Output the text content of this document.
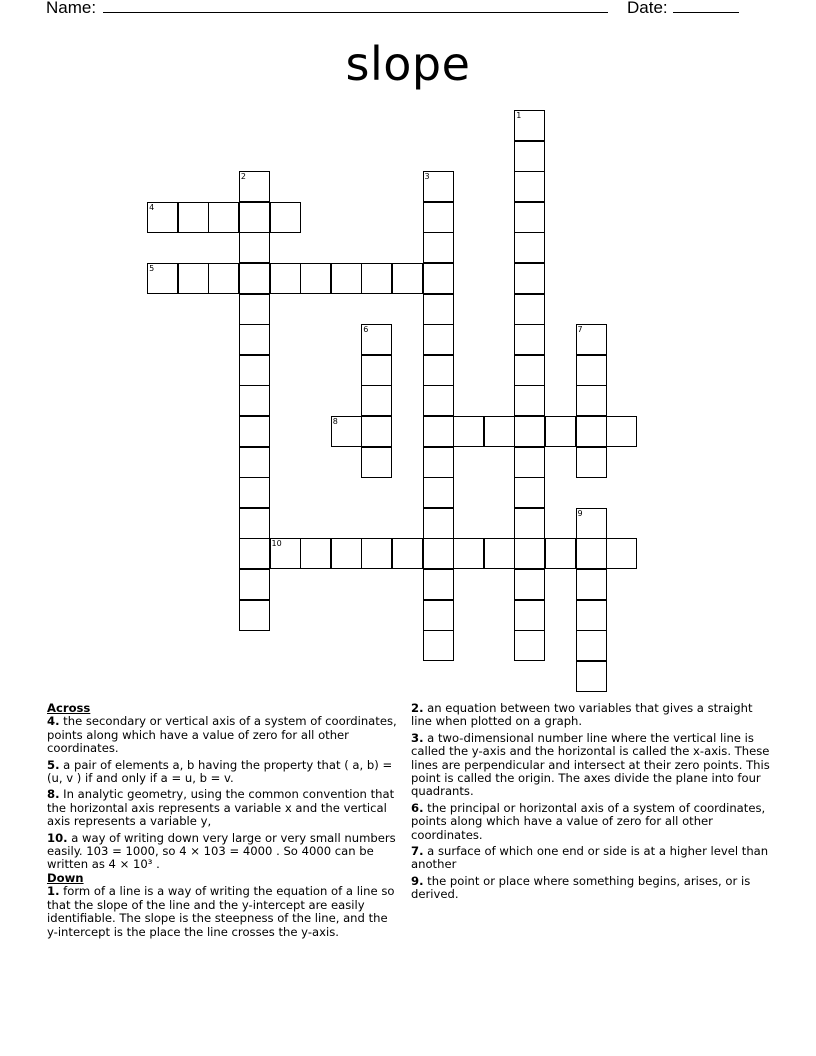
Name:	Date:
slope
1
2	3
4
5
6	7
8
9
10

Across

4. the secondary or vertical axis of a system of coordinates, points along which have a value of zero for all other coordinates.

5. a pair of elements a, b having the property that ( a, b) = (u, v ) if and only if a = u, b = v.

8. In analytic geometry, using the common convention that the horizontal axis represents a variable x and the vertical axis represents a variable y,

10. a way of writing down very large or very small numbers easily. 103 = 1000, so 4 × 103 = 4000 . So 4000 can be written as 4 × 10³ .

Down

1. form of a line is a way of writing the equation of a line so that the slope of the line and the y-intercept are easily identifiable. The slope is the steepness of the line, and the y-intercept is the place the line crosses the y-axis.

2. an equation between two variables that gives a straight line when plotted on a graph.

3. a two-dimensional number line where the vertical line is called the y-axis and the horizontal is called the x-axis. These lines are perpendicular and intersect at their zero points. This point is called the origin. The axes divide the plane into four quadrants.

6. the principal or horizontal axis of a system of coordinates, points along which have a value of zero for all other coordinates.

7. a surface of which one end or side is at a higher level than another

9. the point or place where something begins, arises, or is derived.
